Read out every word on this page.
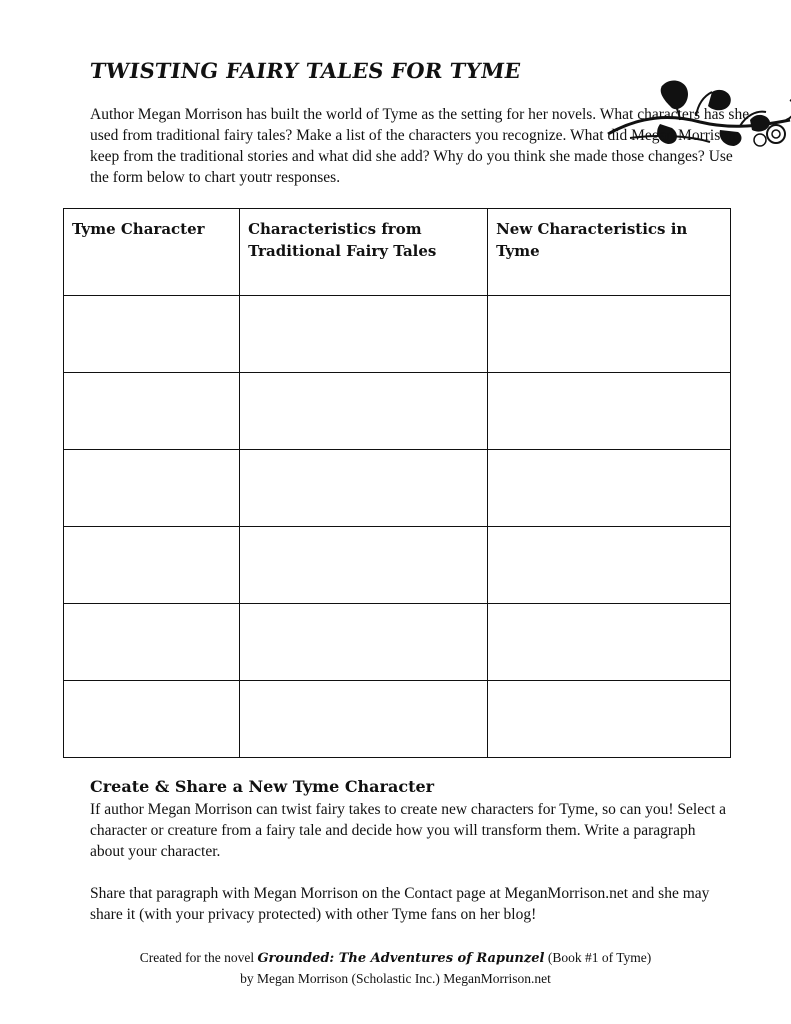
TWISTING FAIRY TALES FOR TYME

Author Megan Morrison has built the world of Tyme as the setting for her novels. What characters has she used from traditional fairy tales? Make a list of the characters you recognize. What did Megan Morrison keep from the traditional stories and what did she add? Why do you think she made those changes? Use the form below to chart youtr responses.

Tyme Character	Characteristics from Traditional Fairy Tales	New Characteristics in Tyme

Create & Share a New Tyme Character

If author Megan Morrison can twist fairy takes to create new characters for Tyme, so can you! Select a character or creature from a fairy tale and decide how you will transform them. Write a paragraph about your character.

Share that paragraph with Megan Morrison on the Contact page at MeganMorrison.net and she may share it (with your privacy protected) with other Tyme fans on her blog!

Created for the novel Grounded: The Adventures of Rapunzel (Book #1 of Tyme)
by Megan Morrison (Scholastic Inc.) MeganMorrison.net
